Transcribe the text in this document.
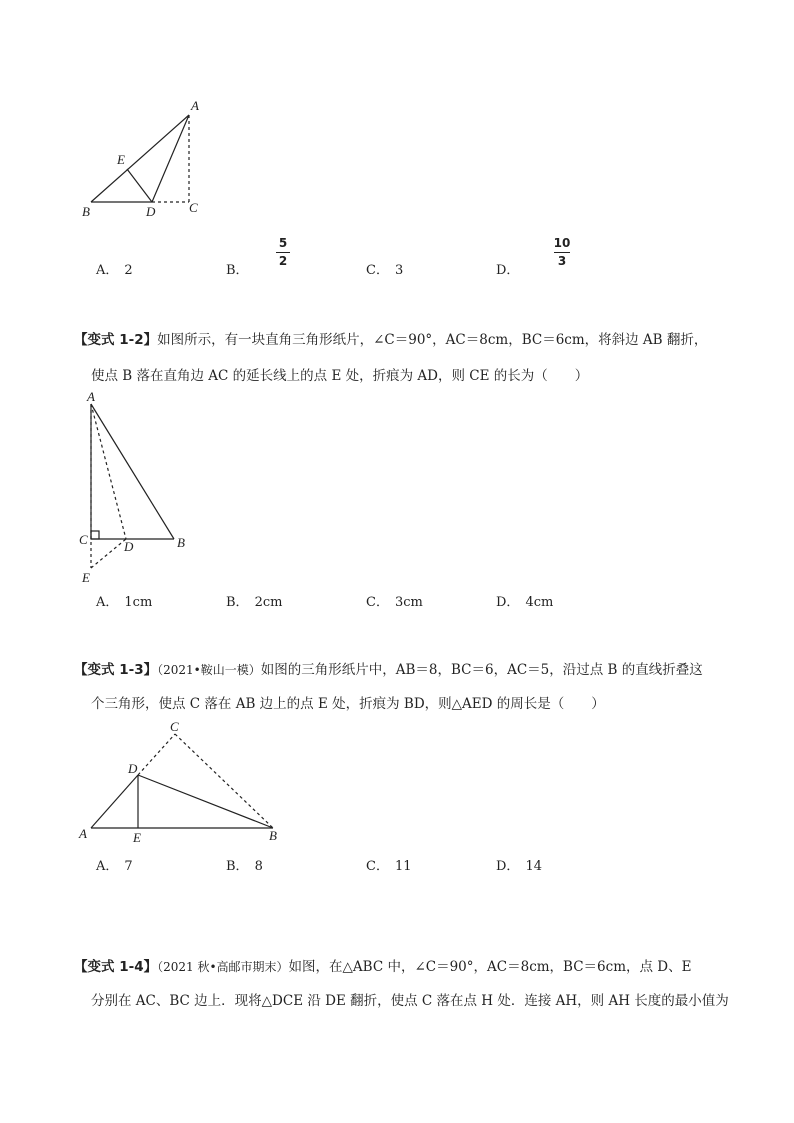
A
E
B	D	C
A． 2	B．
5
2
C． 3	D．
10
3
【变式 1-2】如图所示，有一块直角三角形纸片，∠C＝90°，AC＝8cm，BC＝6cm，将斜边 AB 翻折，
使点 B 落在直角边 AC 的延长线上的点 E 处，折痕为 AD，则 CE 的长为（　　）
A
C	D	B
E
A． 1cm	B． 2cm	C． 3cm	D． 4cm
【变式 1-3】（2021•鞍山一模）如图的三角形纸片中，AB＝8，BC＝6，AC＝5，沿过点 B 的直线折叠这
个三角形，使点 C 落在 AB 边上的点 E 处，折痕为 BD，则△AED 的周长是（　　）
C
D
A	E	B
A． 7	B． 8	C． 11	D． 14
【变式 1-4】（2021 秋•高邮市期末）如图，在△ABC 中，∠C＝90°，AC＝8cm，BC＝6cm，点 D、E
分别在 AC、BC 边上．现将△DCE 沿 DE 翻折，使点 C 落在点 H 处．连接 AH，则 AH 长度的最小值为
